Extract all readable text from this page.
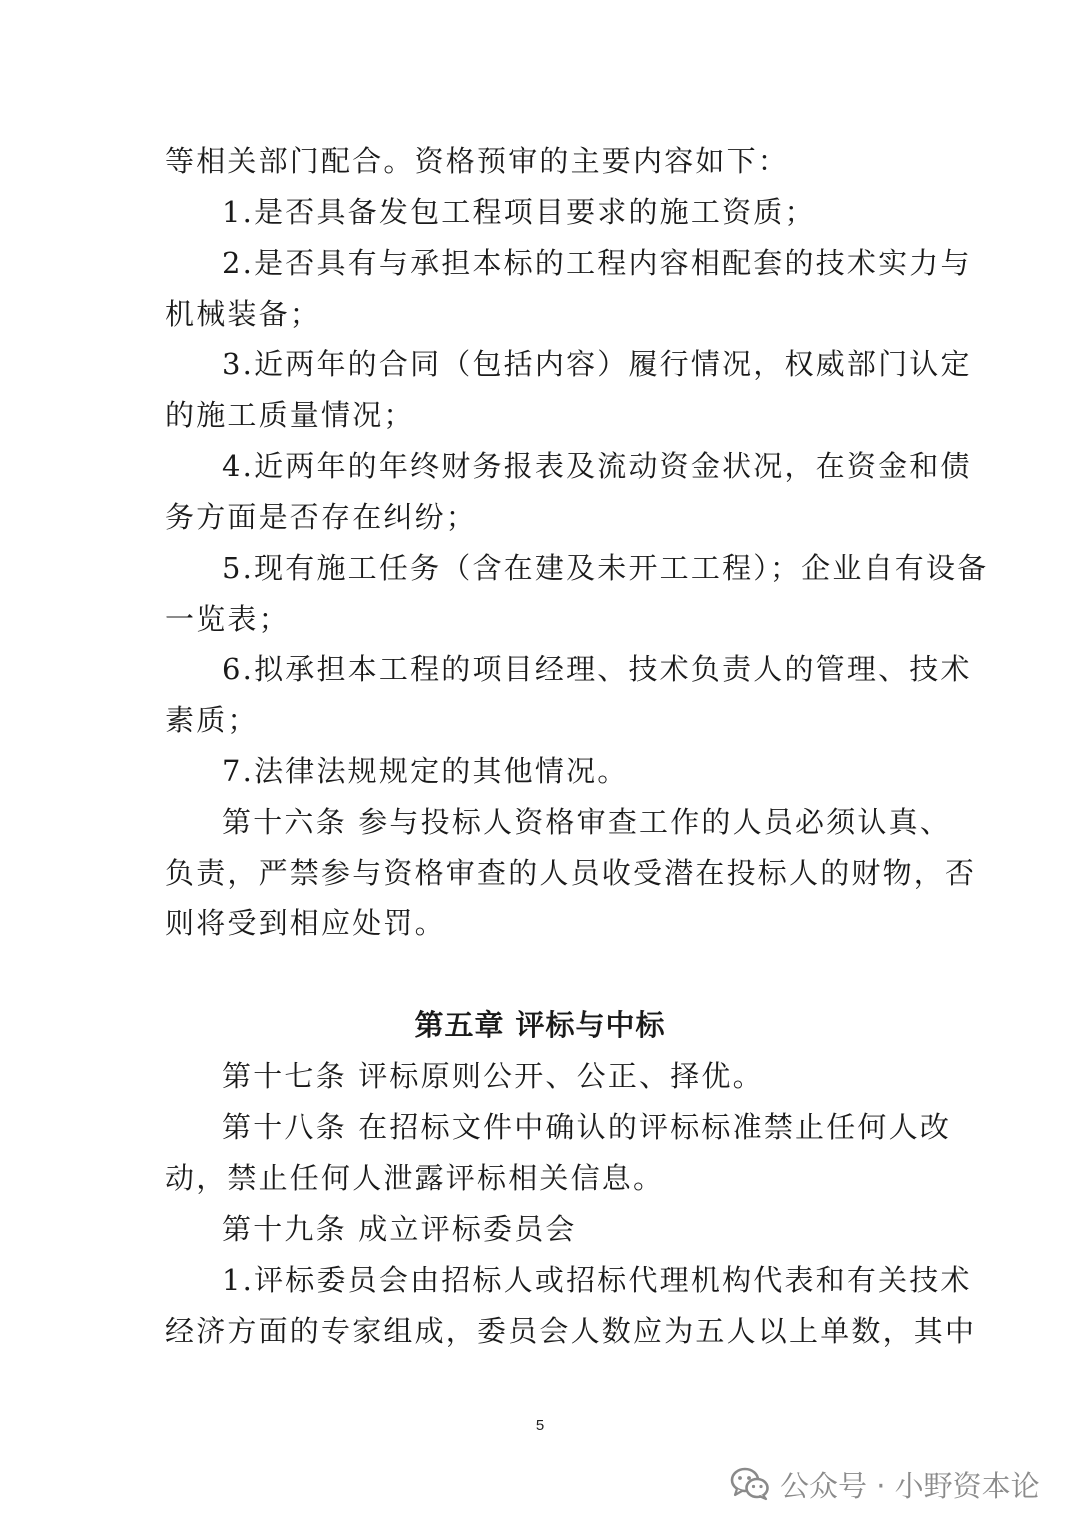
等相关部门配合。资格预审的主要内容如下：
1.是否具备发包工程项目要求的施工资质；
2.是否具有与承担本标的工程内容相配套的技术实力与
机械装备；
3.近两年的合同（包括内容）履行情况，权威部门认定
的施工质量情况；
4.近两年的年终财务报表及流动资金状况，在资金和债
务方面是否存在纠纷；
5.现有施工任务（含在建及未开工工程）；企业自有设备
一览表；
6.拟承担本工程的项目经理、技术负责人的管理、技术
素质；
7.法律法规规定的其他情况。
第十六条 参与投标人资格审查工作的人员必须认真、
负责，严禁参与资格审查的人员收受潜在投标人的财物，否
则将受到相应处罚。
第五章 评标与中标
第十七条 评标原则公开、公正、择优。
第十八条 在招标文件中确认的评标标准禁止任何人改
动，禁止任何人泄露评标相关信息。
第十九条 成立评标委员会
1.评标委员会由招标人或招标代理机构代表和有关技术
经济方面的专家组成，委员会人数应为五人以上单数，其中
5
公众号 · 小野资本论
